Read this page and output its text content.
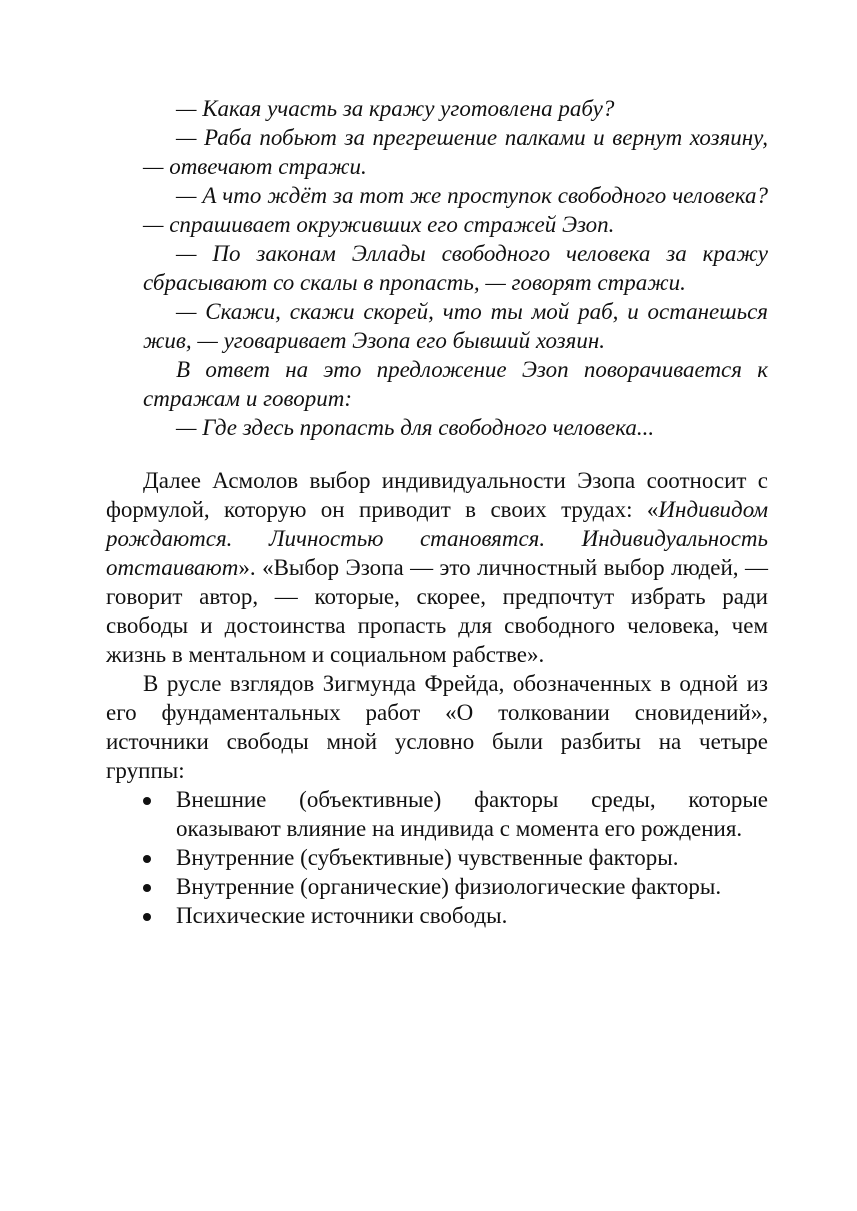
— Какая участь за кражу уготовлена рабу?

— Раба побьют за прегрешение палками и вернут хозяину, — отвечают стражи.

— А что ждёт за тот же проступок свободного человека? — спрашивает окруживших его стражей Эзоп.

— По законам Эллады свободного человека за кражу сбрасывают со скалы в пропасть, — говорят стражи.

— Скажи, скажи скорей, что ты мой раб, и останешься жив, — уговаривает Эзопа его бывший хозяин.

В ответ на это предложение Эзоп поворачивается к стражам и говорит:

— Где здесь пропасть для свободного человека...

Далее Асмолов выбор индивидуальности Эзопа соотносит с формулой, которую он приводит в своих трудах: «Индивидом рождаются. Личностью становятся. Индивидуальность отстаивают». «Выбор Эзопа — это личностный выбор людей, — говорит автор, — которые, скорее, предпочтут избрать ради свободы и достоинства пропасть для свободного человека, чем жизнь в ментальном и социальном рабстве».

В русле взглядов Зигмунда Фрейда, обозначенных в одной из его фундаментальных работ «О толковании сновидений», источники свободы мной условно были разбиты на четыре группы:

Внешние (объективные) факторы среды, которые оказывают влияние на индивида с момента его рождения.
Внутренние (субъективные) чувственные факторы.
Внутренние (органические) физиологические факторы.
Психические источники свободы.
